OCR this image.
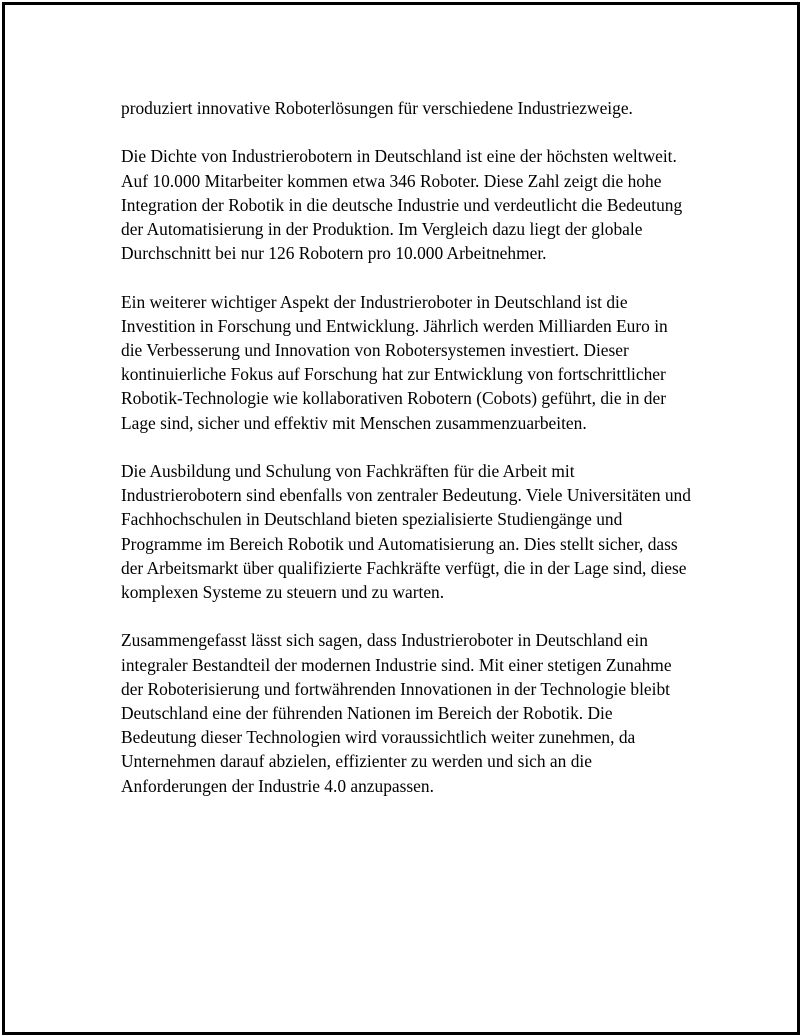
produziert innovative Roboterlösungen für verschiedene Industriezweige.

Die Dichte von Industrierobotern in Deutschland ist eine der höchsten weltweit. Auf 10.000 Mitarbeiter kommen etwa 346 Roboter. Diese Zahl zeigt die hohe Integration der Robotik in die deutsche Industrie und verdeutlicht die Bedeutung der Automatisierung in der Produktion. Im Vergleich dazu liegt der globale Durchschnitt bei nur 126 Robotern pro 10.000 Arbeitnehmer.

Ein weiterer wichtiger Aspekt der Industrieroboter in Deutschland ist die Investition in Forschung und Entwicklung. Jährlich werden Milliarden Euro in die Verbesserung und Innovation von Robotersystemen investiert. Dieser kontinuierliche Fokus auf Forschung hat zur Entwicklung von fortschrittlicher Robotik-Technologie wie kollaborativen Robotern (Cobots) geführt, die in der Lage sind, sicher und effektiv mit Menschen zusammenzuarbeiten.

Die Ausbildung und Schulung von Fachkräften für die Arbeit mit Industrierobotern sind ebenfalls von zentraler Bedeutung. Viele Universitäten und Fachhochschulen in Deutschland bieten spezialisierte Studiengänge und Programme im Bereich Robotik und Automatisierung an. Dies stellt sicher, dass der Arbeitsmarkt über qualifizierte Fachkräfte verfügt, die in der Lage sind, diese komplexen Systeme zu steuern und zu warten.

Zusammengefasst lässt sich sagen, dass Industrieroboter in Deutschland ein integraler Bestandteil der modernen Industrie sind. Mit einer stetigen Zunahme der Roboterisierung und fortwährenden Innovationen in der Technologie bleibt Deutschland eine der führenden Nationen im Bereich der Robotik. Die Bedeutung dieser Technologien wird voraussichtlich weiter zunehmen, da Unternehmen darauf abzielen, effizienter zu werden und sich an die Anforderungen der Industrie 4.0 anzupassen.
